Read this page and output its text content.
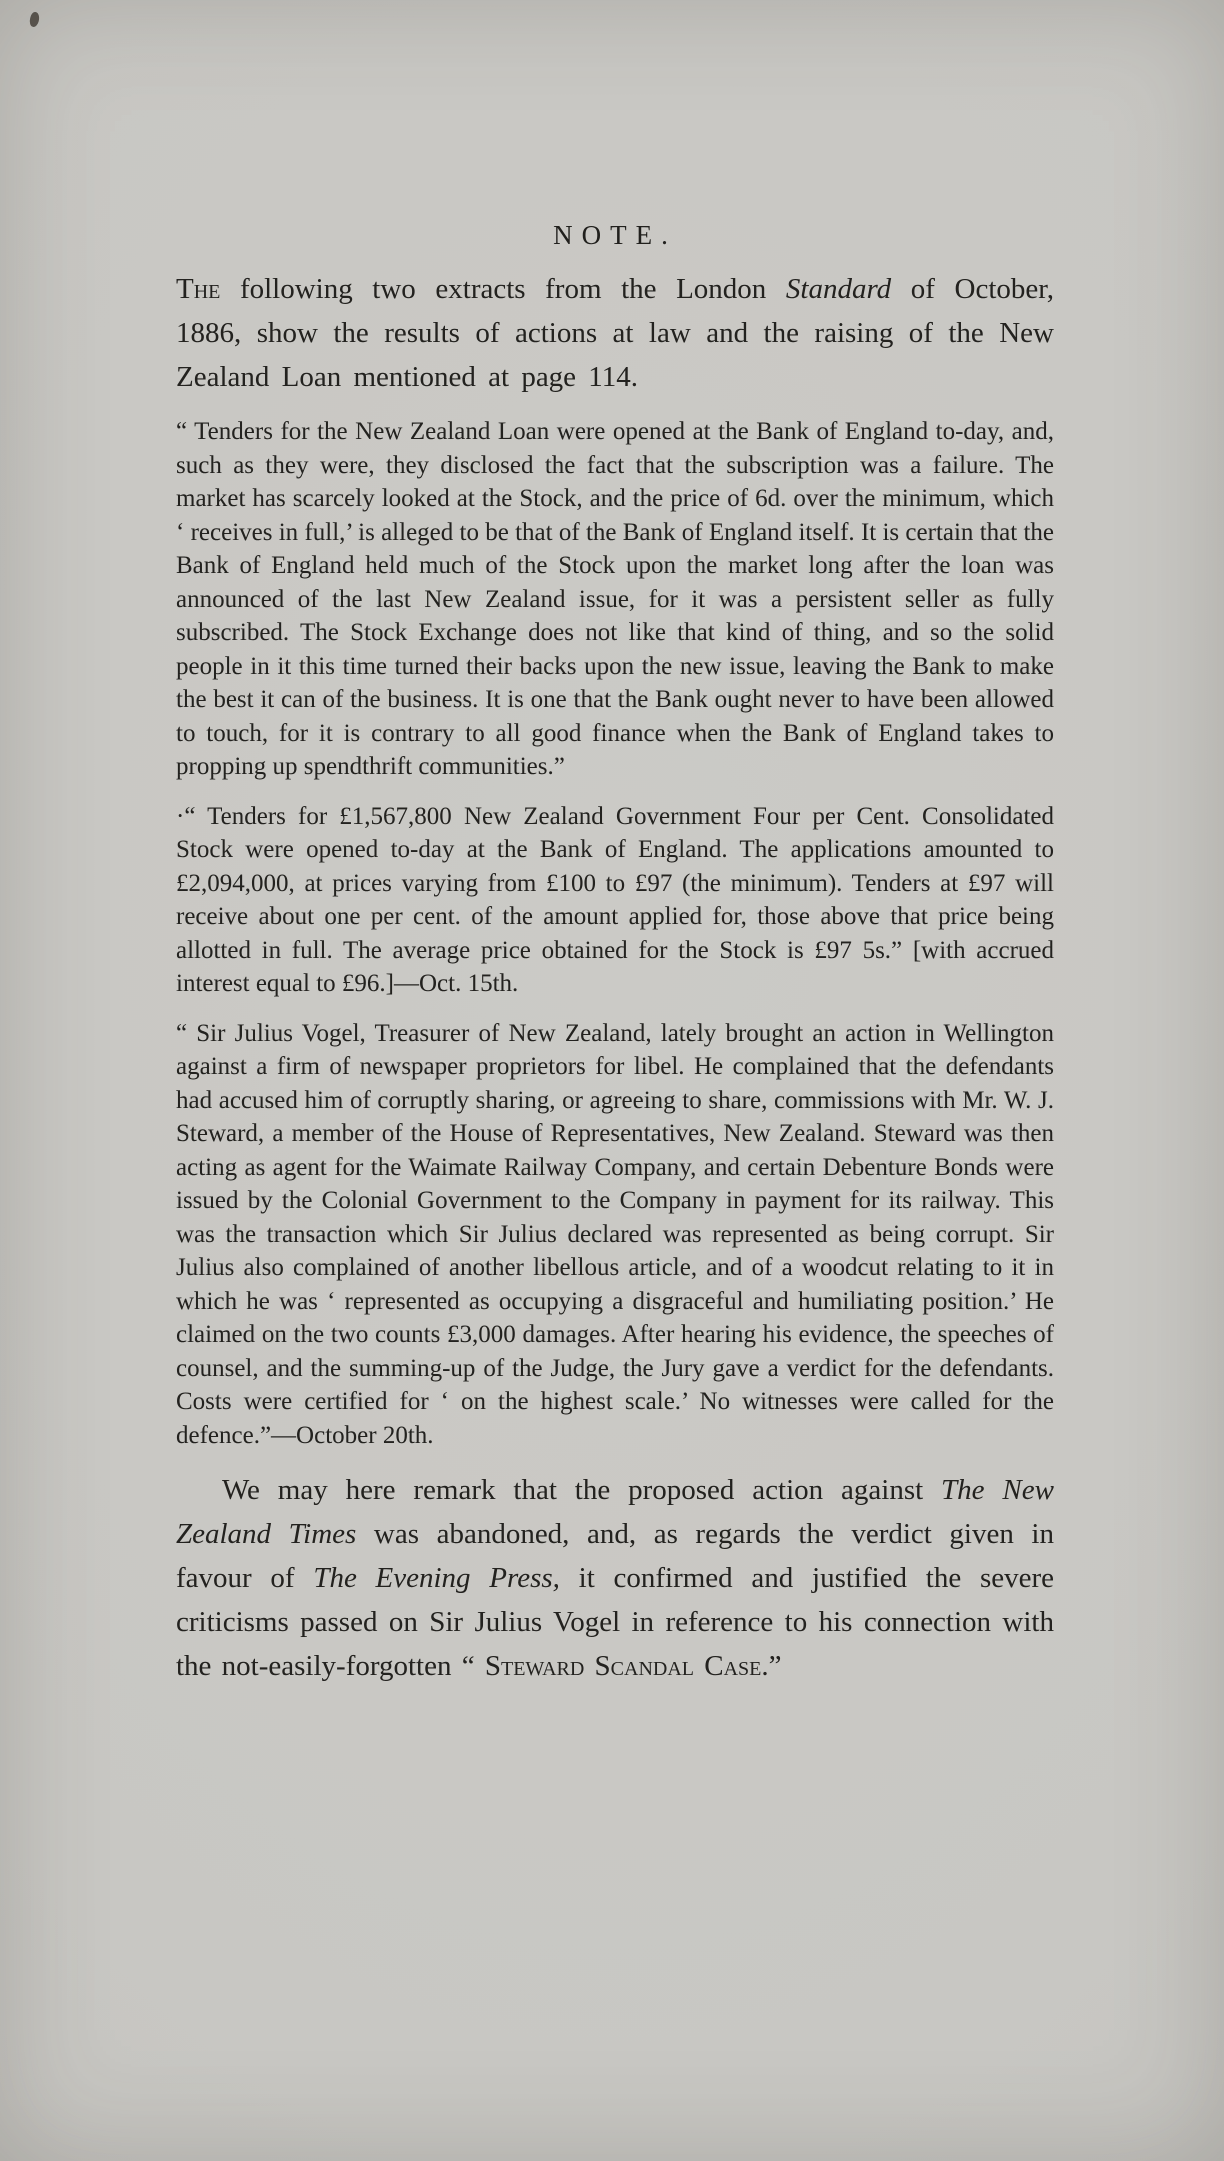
NOTE.

The following two extracts from the London Standard of October, 1886, show the results of actions at law and the raising of the New Zealand Loan mentioned at page 114.

“ Tenders for the New Zealand Loan were opened at the Bank of England to-day, and, such as they were, they disclosed the fact that the subscription was a failure. The market has scarcely looked at the Stock, and the price of 6d. over the minimum, which ‘ receives in full,’ is alleged to be that of the Bank of England itself. It is certain that the Bank of England held much of the Stock upon the market long after the loan was announced of the last New Zealand issue, for it was a persistent seller as fully subscribed. The Stock Exchange does not like that kind of thing, and so the solid people in it this time turned their backs upon the new issue, leaving the Bank to make the best it can of the business. It is one that the Bank ought never to have been allowed to touch, for it is contrary to all good finance when the Bank of England takes to propping up spendthrift communities.”

·“ Tenders for £1,567,800 New Zealand Government Four per Cent. Consolidated Stock were opened to-day at the Bank of England. The applications amounted to £2,094,000, at prices varying from £100 to £97 (the minimum). Tenders at £97 will receive about one per cent. of the amount applied for, those above that price being allotted in full. The average price obtained for the Stock is £97 5s.” [with accrued interest equal to £96.]—Oct. 15th.

“ Sir Julius Vogel, Treasurer of New Zealand, lately brought an action in Wellington against a firm of newspaper proprietors for libel. He complained that the defendants had accused him of corruptly sharing, or agreeing to share, commissions with Mr. W. J. Steward, a member of the House of Representatives, New Zealand. Steward was then acting as agent for the Waimate Railway Company, and certain Debenture Bonds were issued by the Colonial Government to the Company in payment for its railway. This was the transaction which Sir Julius declared was represented as being corrupt. Sir Julius also complained of another libellous article, and of a woodcut relating to it in which he was ‘ represented as occupying a disgraceful and humiliating position.’ He claimed on the two counts £3,000 damages. After hearing his evidence, the speeches of counsel, and the summing-up of the Judge, the Jury gave a verdict for the defendants. Costs were certified for ‘ on the highest scale.’ No witnesses were called for the defence.”—October 20th.

We may here remark that the proposed action against The New Zealand Times was abandoned, and, as regards the verdict given in favour of The Evening Press, it confirmed and justified the severe criticisms passed on Sir Julius Vogel in reference to his connection with the not-easily-forgotten “ Steward Scandal Case.”
